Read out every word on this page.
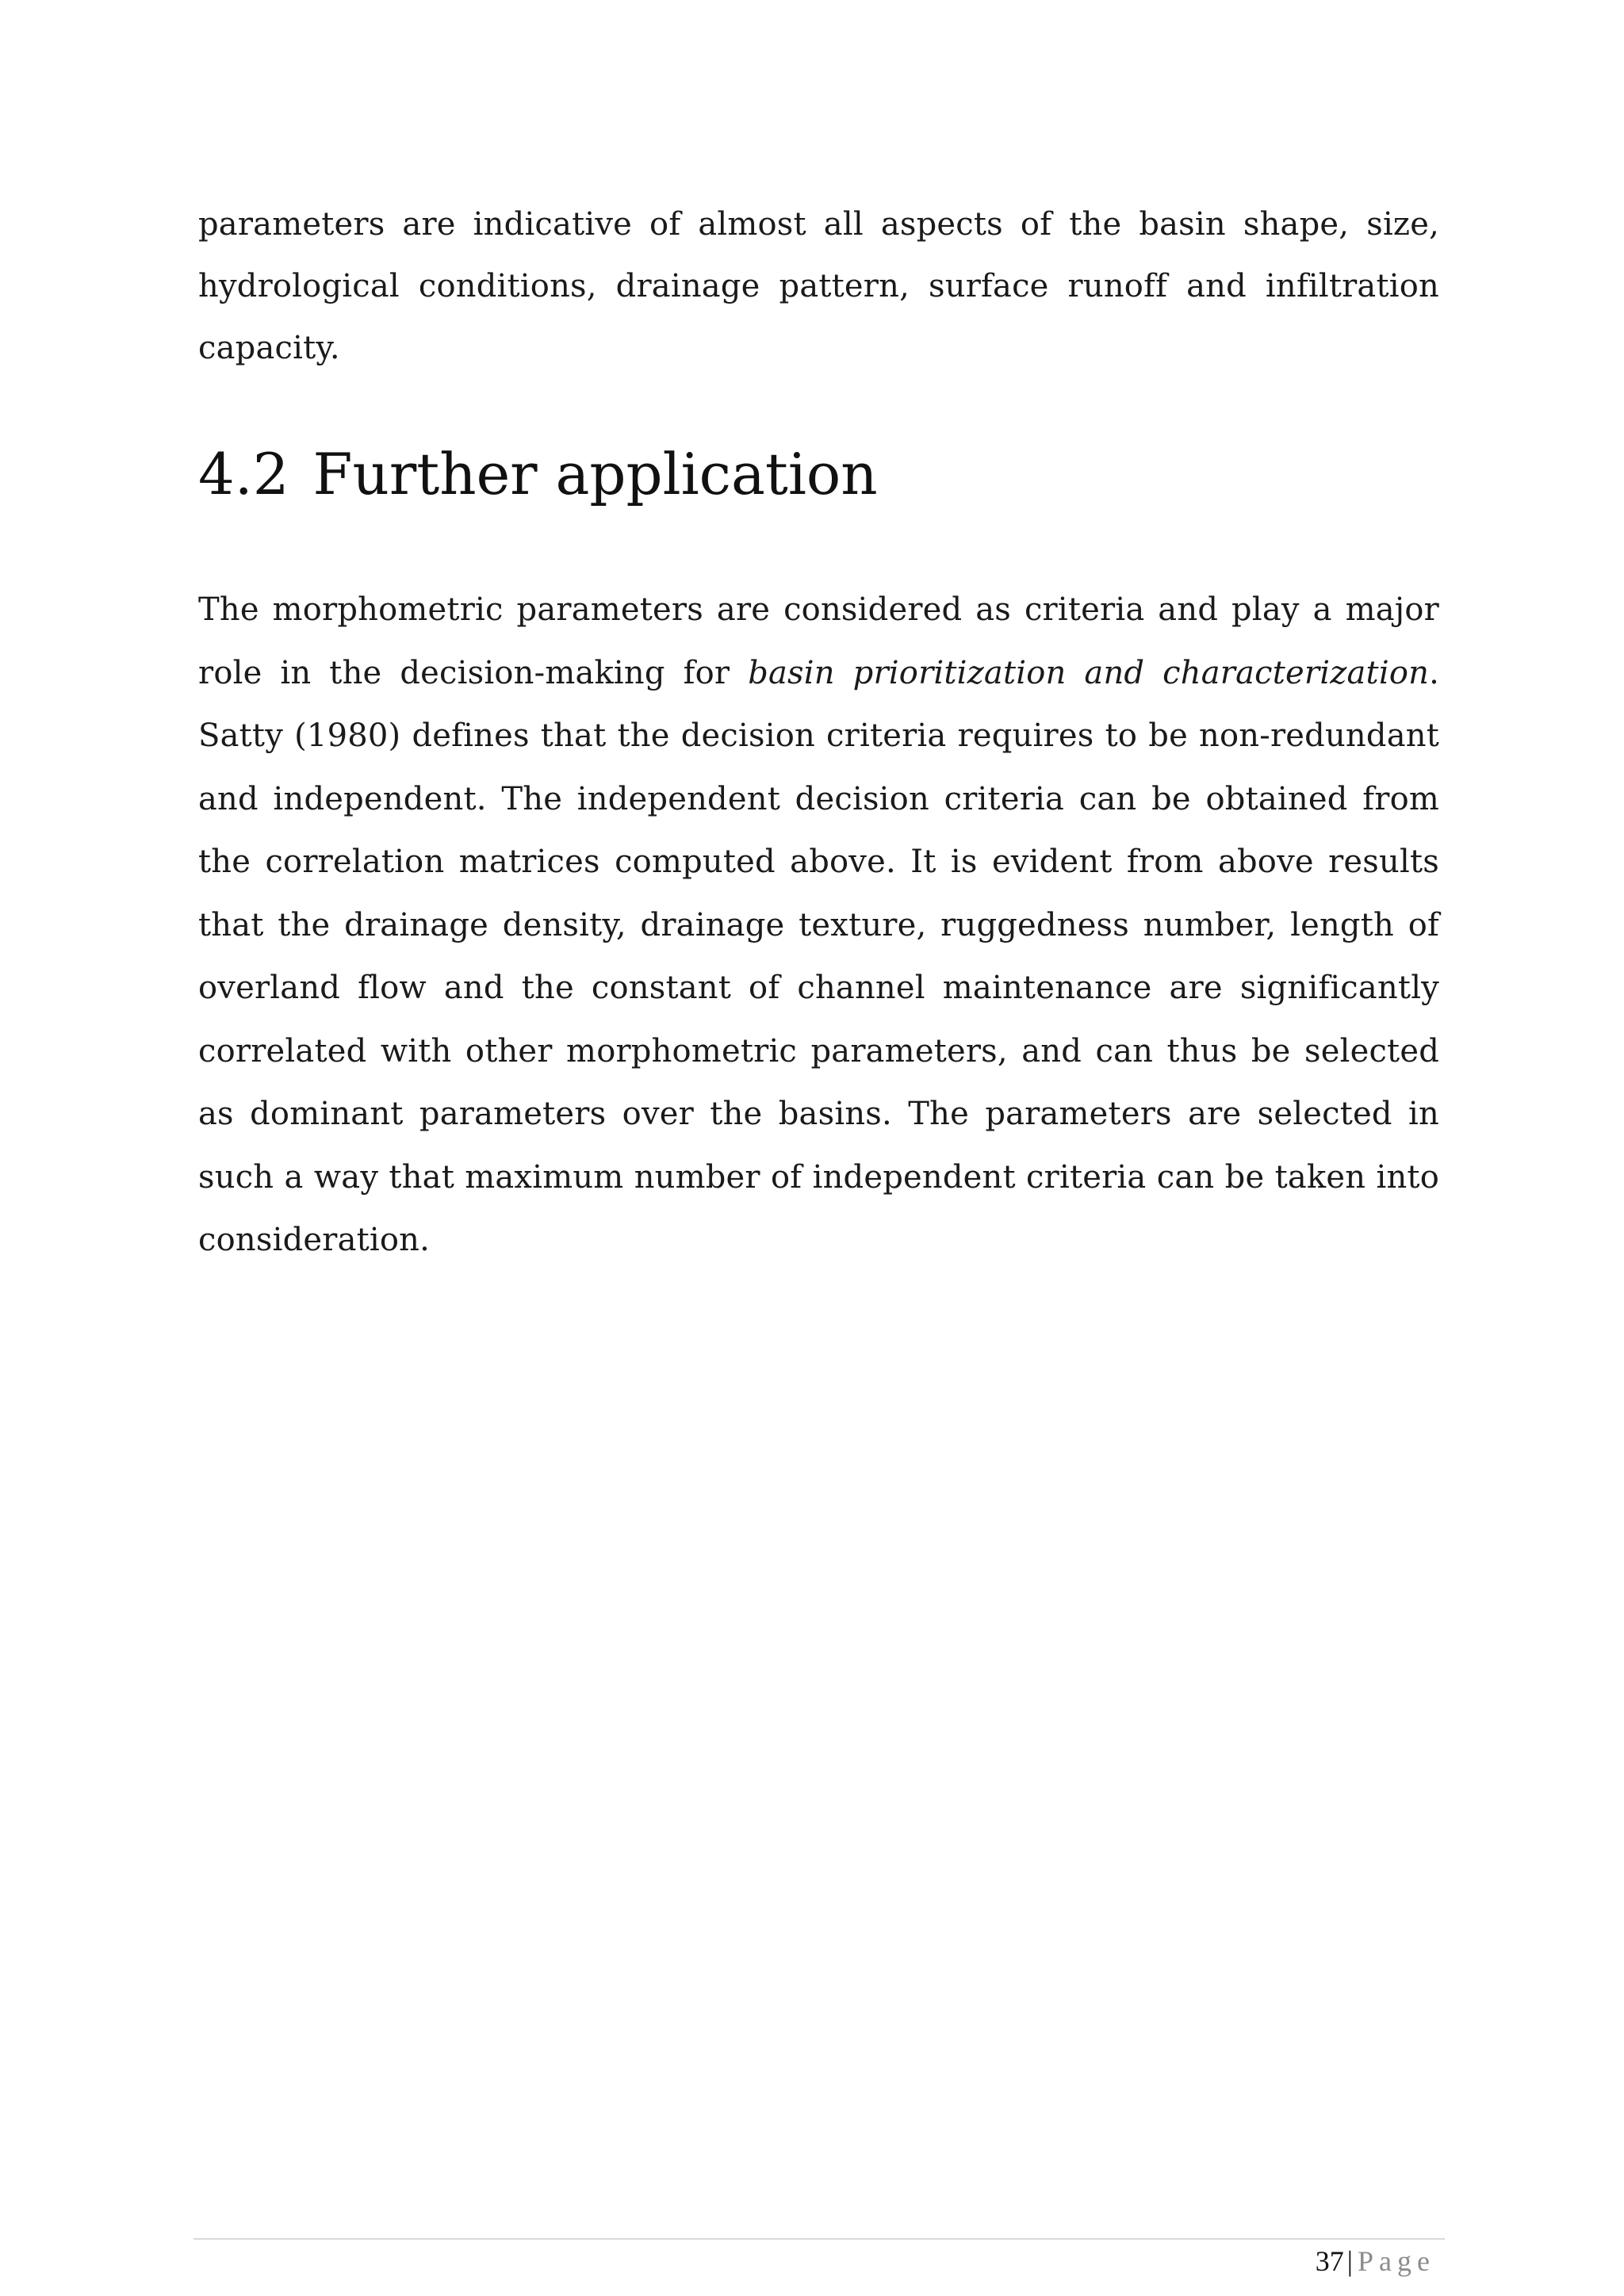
parameters are indicative of almost all aspects of the basin shape, size, hydrological conditions, drainage pattern, surface runoff and infiltration capacity.

4.2 Further application

The morphometric parameters are considered as criteria and play a major role in the decision-making for basin prioritization and characterization. Satty (1980) defines that the decision criteria requires to be non-redundant and independent. The independent decision criteria can be obtained from the correlation matrices computed above. It is evident from above results that the drainage density, drainage texture, ruggedness number, length of overland flow and the constant of channel maintenance are significantly correlated with other morphometric parameters, and can thus be selected as dominant parameters over the basins. The parameters are selected in such a way that maximum number of independent criteria can be taken into consideration.

37 | Page
